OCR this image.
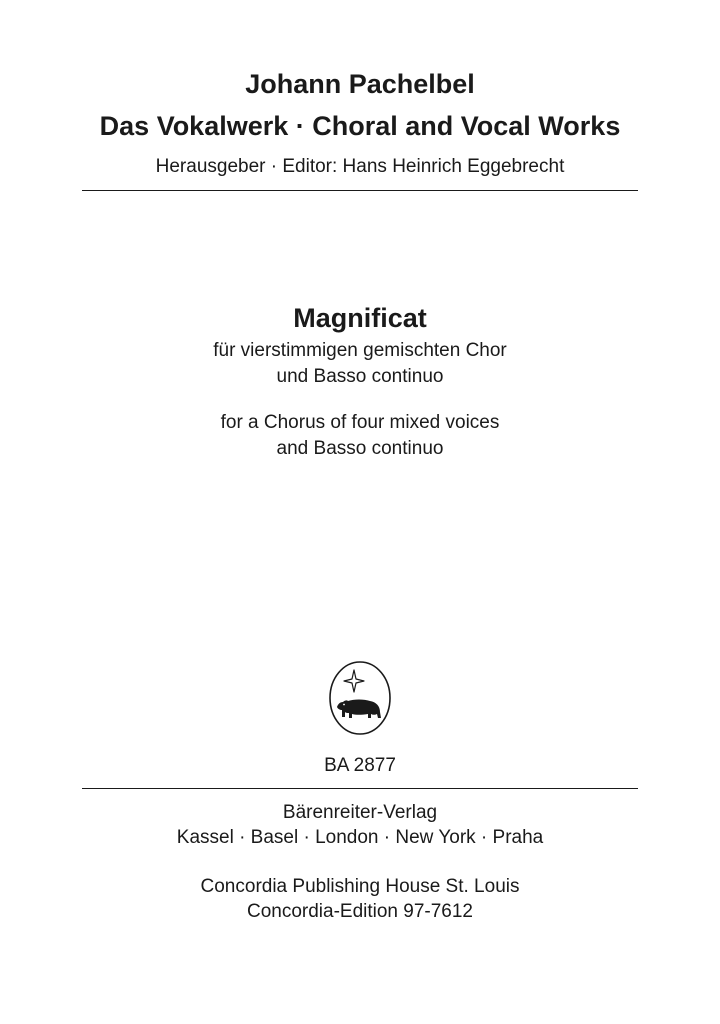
Johann Pachelbel
Das Vokalwerk · Choral and Vocal Works
Herausgeber · Editor: Hans Heinrich Eggebrecht
Magnificat
für vierstimmigen gemischten Chor
und Basso continuo
for a Chorus of four mixed voices
and Basso continuo
BA 2877
Bärenreiter-Verlag
Kassel · Basel · London · New York · Praha
Concordia Publishing House St. Louis
Concordia-Edition 97-7612
